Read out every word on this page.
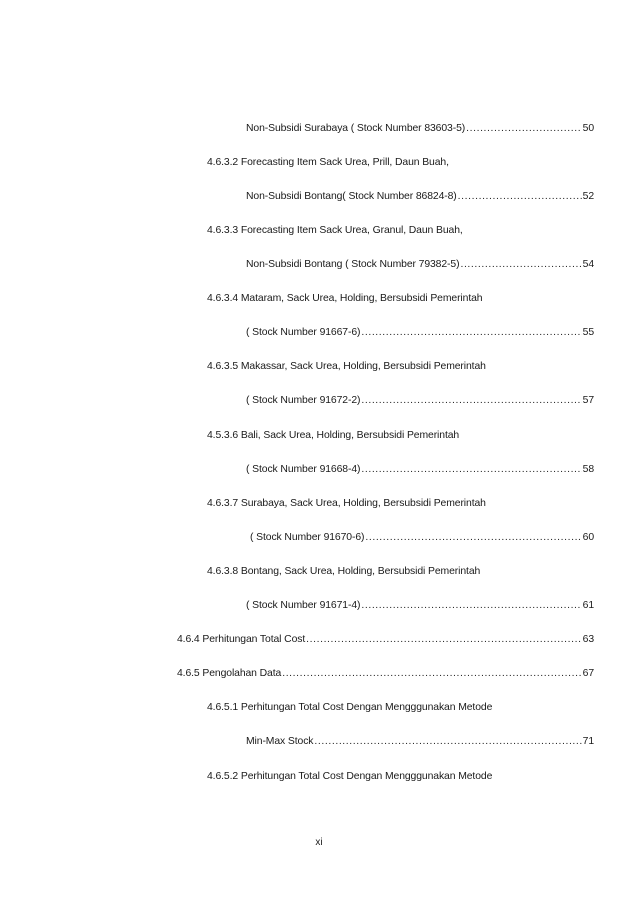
Non-Subsidi Surabaya ( Stock Number 83603-5) .....	50
4.6.3.2 Forecasting Item Sack Urea, Prill, Daun Buah,
Non-Subsidi Bontang( Stock Number 86824-8) .....	52
4.6.3.3 Forecasting Item Sack Urea, Granul, Daun Buah,
Non-Subsidi Bontang ( Stock Number 79382-5) .....	54
4.6.3.4 Mataram, Sack Urea, Holding, Bersubsidi Pemerintah
( Stock Number 91667-6) .....	55
4.6.3.5 Makassar, Sack Urea, Holding, Bersubsidi Pemerintah
( Stock Number 91672-2) .....	57
4.5.3.6 Bali, Sack Urea, Holding, Bersubsidi Pemerintah
( Stock Number 91668-4) .....	58
4.6.3.7 Surabaya, Sack Urea, Holding, Bersubsidi Pemerintah
( Stock Number 91670-6) .....	60
4.6.3.8 Bontang, Sack Urea, Holding, Bersubsidi Pemerintah
( Stock Number 91671-4) .....	61
4.6.4 Perhitungan Total Cost .....	63
4.6.5 Pengolahan Data .....	67
4.6.5.1 Perhitungan Total Cost Dengan Mengggunakan Metode
Min-Max Stock .....	71
4.6.5.2 Perhitungan Total Cost Dengan Mengggunakan Metode
xi
